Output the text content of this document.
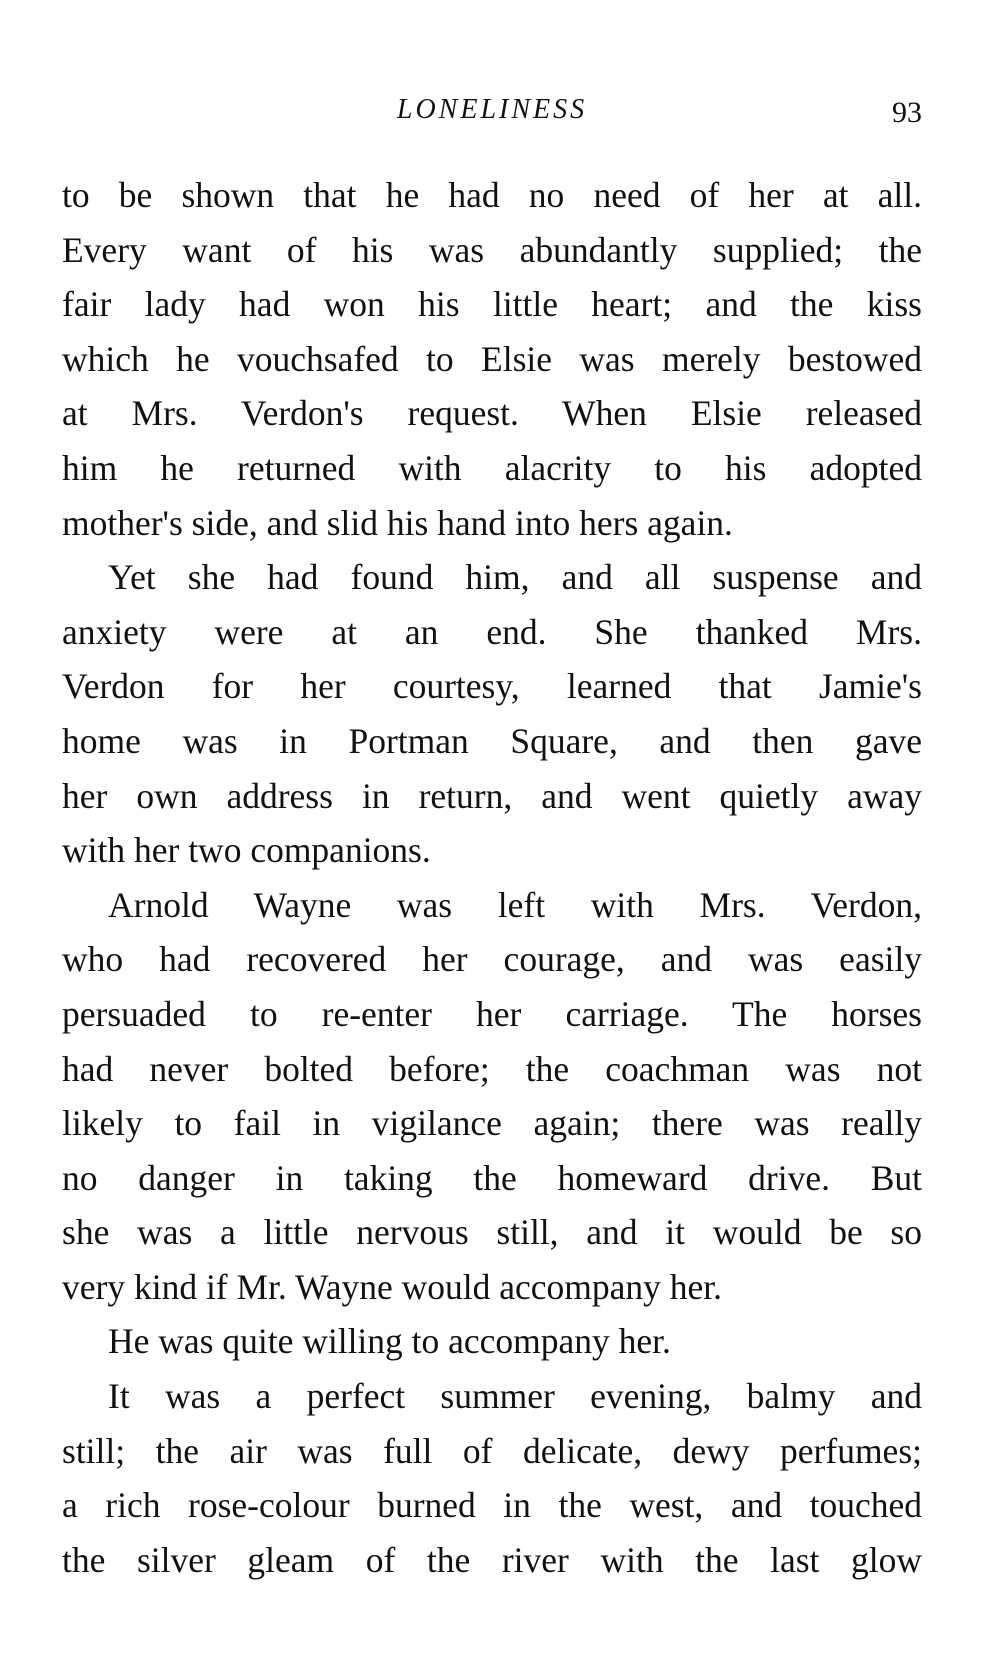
LONELINESS	93
to be shown that he had no need of her at all.
Every want of his was abundantly supplied; the
fair lady had won his little heart; and the kiss
which he vouchsafed to Elsie was merely bestowed
at Mrs. Verdon's request. When Elsie released
him he returned with alacrity to his adopted
mother's side, and slid his hand into hers again.
Yet she had found him, and all suspense and
anxiety were at an end. She thanked Mrs.
Verdon for her courtesy, learned that Jamie's
home was in Portman Square, and then gave
her own address in return, and went quietly away
with her two companions.
Arnold Wayne was left with Mrs. Verdon,
who had recovered her courage, and was easily
persuaded to re-enter her carriage. The horses
had never bolted before; the coachman was not
likely to fail in vigilance again; there was really
no danger in taking the homeward drive. But
she was a little nervous still, and it would be so
very kind if Mr. Wayne would accompany her.
He was quite willing to accompany her.
It was a perfect summer evening, balmy and
still; the air was full of delicate, dewy perfumes;
a rich rose-colour burned in the west, and touched
the silver gleam of the river with the last glow
